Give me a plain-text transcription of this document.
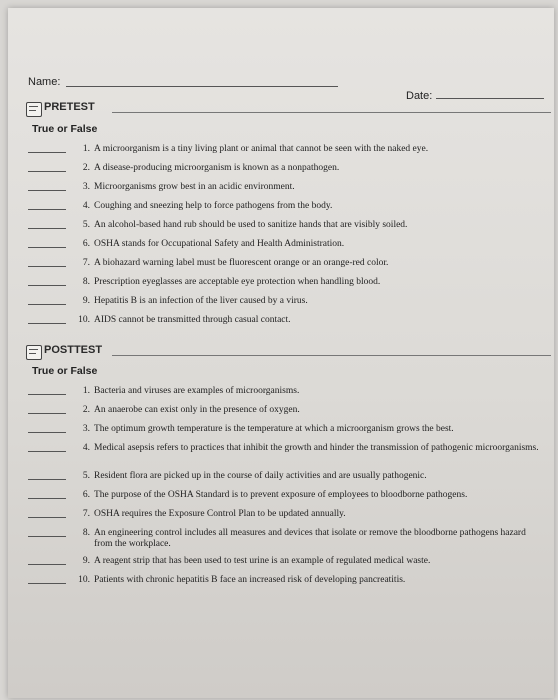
Name:
Date:
PRETEST
True or False
1. A microorganism is a tiny living plant or animal that cannot be seen with the naked eye.
2. A disease-producing microorganism is known as a nonpathogen.
3. Microorganisms grow best in an acidic environment.
4. Coughing and sneezing help to force pathogens from the body.
5. An alcohol-based hand rub should be used to sanitize hands that are visibly soiled.
6. OSHA stands for Occupational Safety and Health Administration.
7. A biohazard warning label must be fluorescent orange or an orange-red color.
8. Prescription eyeglasses are acceptable eye protection when handling blood.
9. Hepatitis B is an infection of the liver caused by a virus.
10. AIDS cannot be transmitted through casual contact.
POSTTEST
True or False
1. Bacteria and viruses are examples of microorganisms.
2. An anaerobe can exist only in the presence of oxygen.
3. The optimum growth temperature is the temperature at which a microorganism grows the best.
4. Medical asepsis refers to practices that inhibit the growth and hinder the transmission of pathogenic microorganisms.
5. Resident flora are picked up in the course of daily activities and are usually pathogenic.
6. The purpose of the OSHA Standard is to prevent exposure of employees to bloodborne pathogens.
7. OSHA requires the Exposure Control Plan to be updated annually.
8. An engineering control includes all measures and devices that isolate or remove the bloodborne pathogens hazard from the workplace.
9. A reagent strip that has been used to test urine is an example of regulated medical waste.
10. Patients with chronic hepatitis B face an increased risk of developing pancreatitis.
